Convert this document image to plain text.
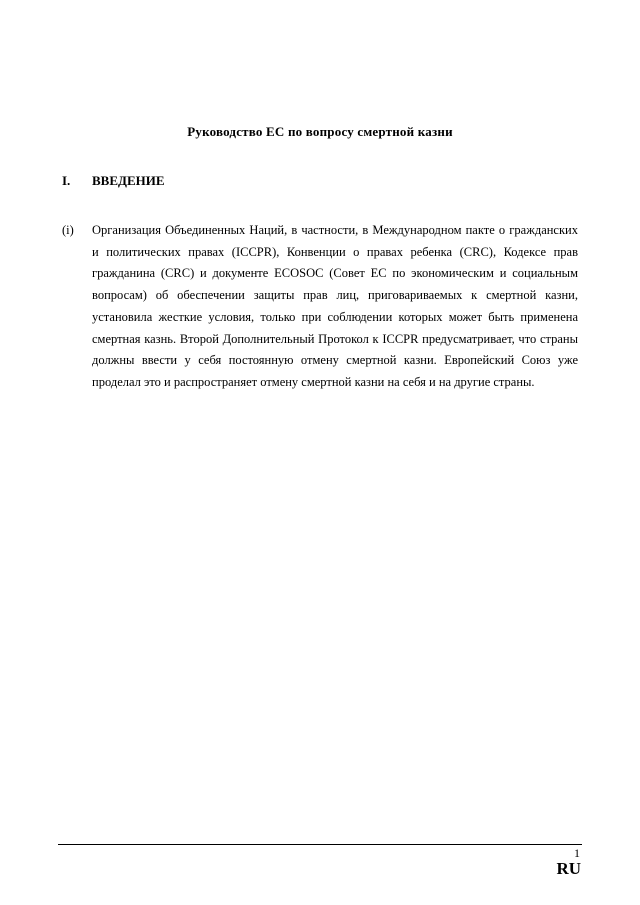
Руководство ЕС по вопросу смертной казни
I.	ВВЕДЕНИЕ
(i)	Организация Объединенных Наций, в частности, в Международном пакте о гражданских и политических правах (ICCPR), Конвенции о правах ребенка (CRC), Кодексе прав гражданина (CRC) и документе ECOSOC (Совет ЕС по экономическим и социальным вопросам) об обеспечении защиты прав лиц, приговариваемых к смертной казни, установила жесткие условия, только при соблюдении которых может быть применена смертная казнь. Второй Дополнительный Протокол к ICCPR предусматривает, что страны должны ввести у себя постоянную отмену смертной казни. Европейский Союз уже проделал это и распространяет отмену смертной казни на себя и на другие страны.

1
RU
